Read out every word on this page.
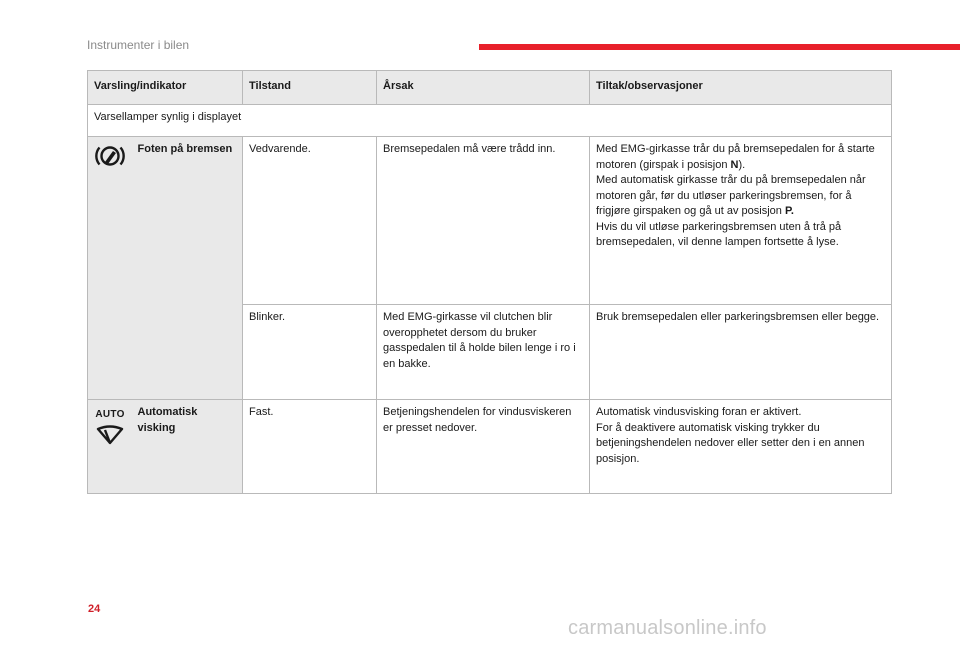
Instrumenter i bilen
Varsling/indikator		Tilstand	Årsak	Tiltak/observasjoner
Varsellamper synlig i displayet				

	Foten på bremsen	Vedvarende.	Bremsepedalen må være trådd inn.	Med EMG-girkasse trår du på bremsepedalen for å starte motoren (girspak i posisjon N).
Med automatisk girkasse trår du på bremsepedalen når motoren går, før du utløser parkeringsbremsen, for å frigjøre girspaken og gå ut av posisjon P.
Hvis du vil utløse parkeringsbremsen uten å trå på bremsepedalen, vil denne lampen fortsette å lyse.
		Blinker.	Med EMG-girkasse vil clutchen blir overopphetet dersom du bruker gasspedalen til å holde bilen lenge i ro i en bakke.	Bruk bremsepedalen eller parkeringsbremsen eller begge.

AUTO	Automatisk visking	Fast.	Betjeningshendelen for vindusviskeren er presset nedover.	Automatisk vindusvisking foran er aktivert.
For å deaktivere automatisk visking trykker du betjeningshendelen nedover eller setter den i en annen posisjon.
24
carmanualsonline.info
